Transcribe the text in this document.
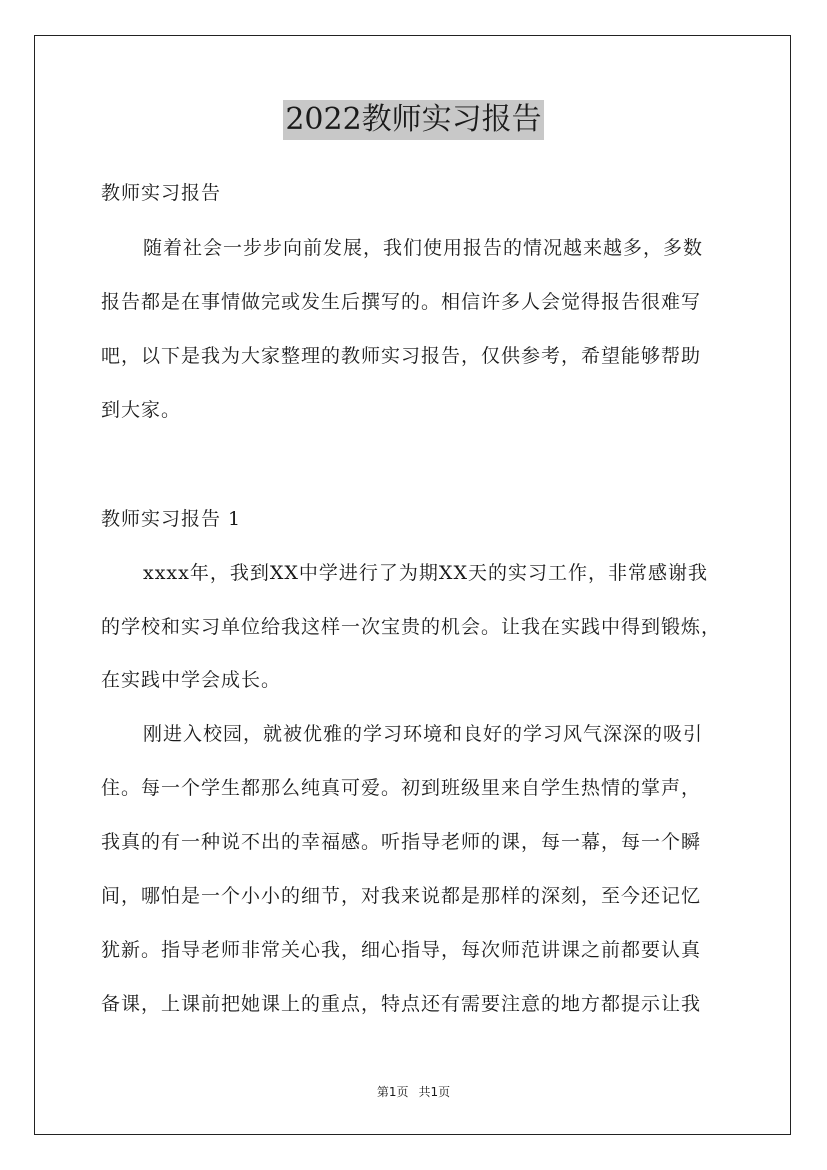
2022教师实习报告
教师实习报告
随着社会一步步向前发展，我们使用报告的情况越来越多，多数
报告都是在事情做完或发生后撰写的。相信许多人会觉得报告很难写
吧，以下是我为大家整理的教师实习报告，仅供参考，希望能够帮助
到大家。
教师实习报告 1
xxxx年，我到XX中学进行了为期XX天的实习工作，非常感谢我
的学校和实习单位给我这样一次宝贵的机会。让我在实践中得到锻炼，
在实践中学会成长。
刚进入校园，就被优雅的学习环境和良好的学习风气深深的吸引
住。每一个学生都那么纯真可爱。初到班级里来自学生热情的掌声，
我真的有一种说不出的幸福感。听指导老师的课，每一幕，每一个瞬
间，哪怕是一个小小的细节，对我来说都是那样的深刻，至今还记忆
犹新。指导老师非常关心我，细心指导，每次师范讲课之前都要认真
备课，上课前把她课上的重点，特点还有需要注意的地方都提示让我
第1页 共1页
